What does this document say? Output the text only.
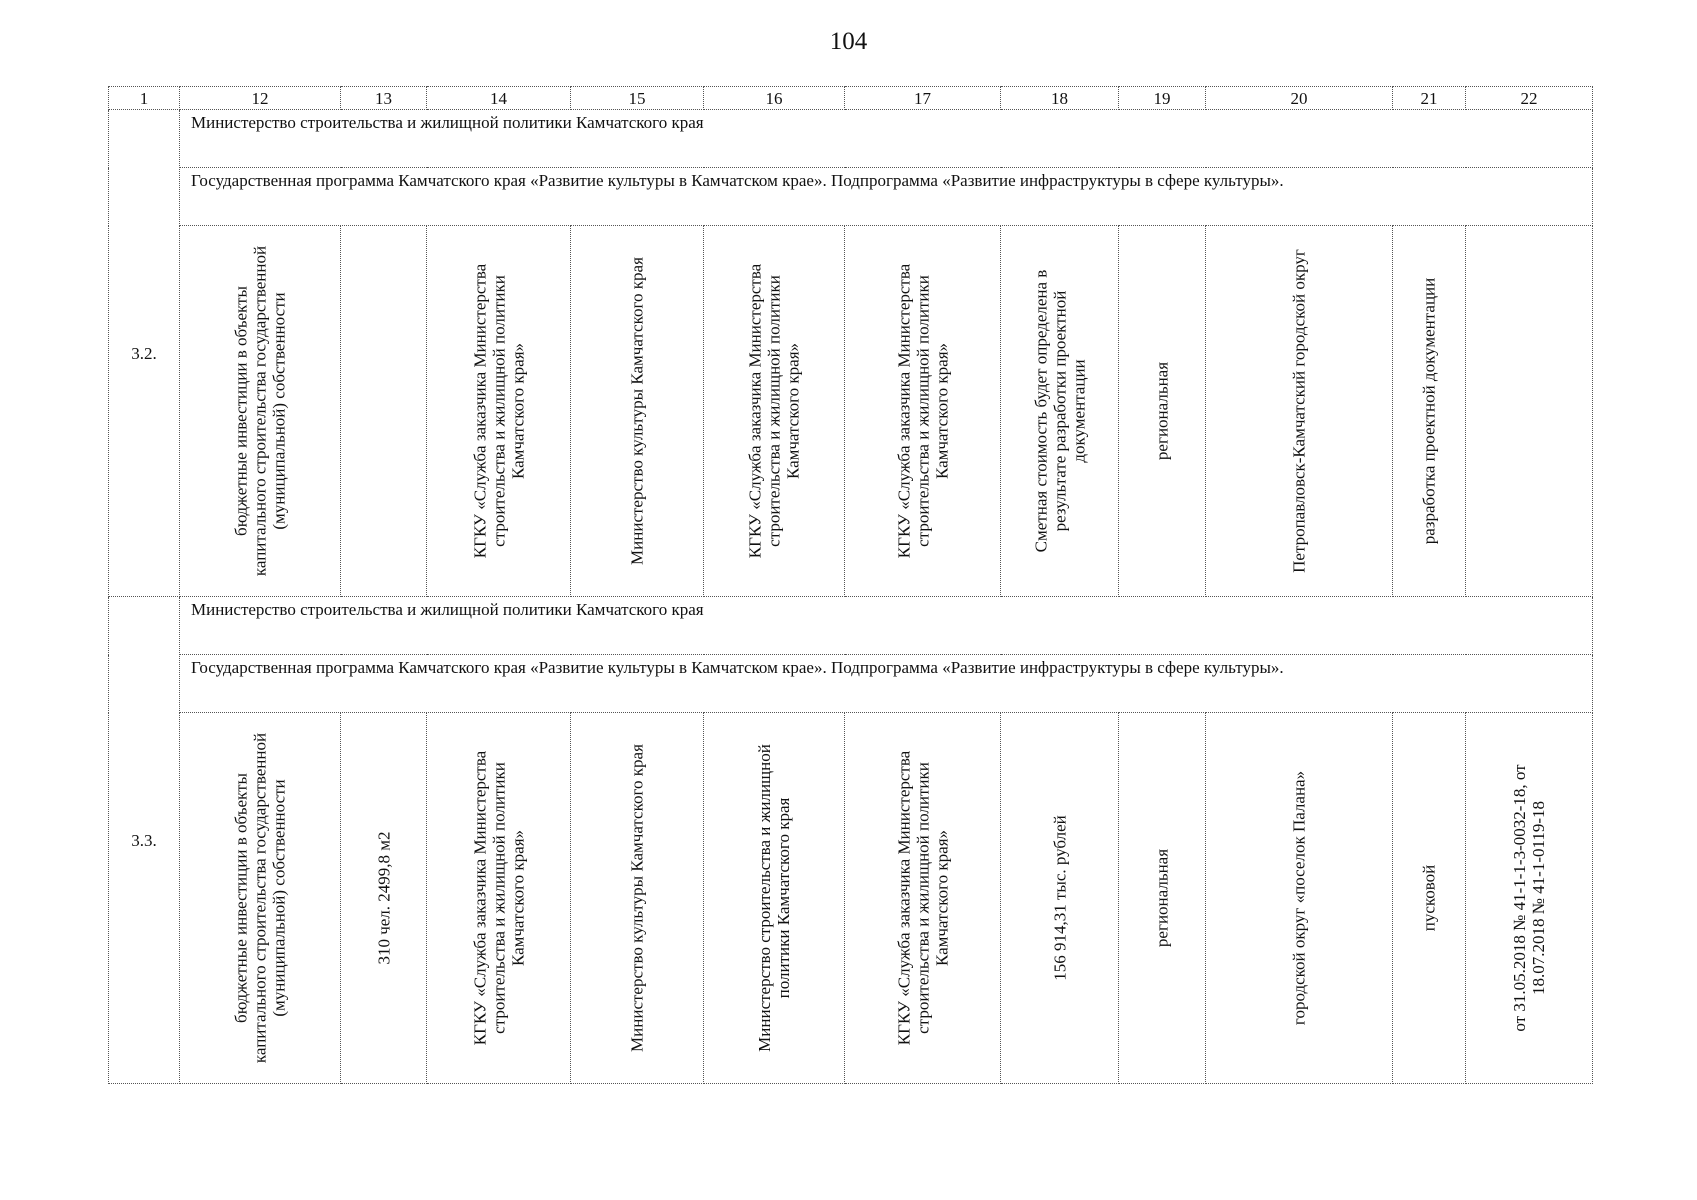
104
1	12	13	14	15	16	17	18	19	20	21	22
3.2.	Министерство строительства и жилищной политики Камчатского края										
	Государственная программа Камчатского края «Развитие культуры в Камчатском крае». Подпрограмма «Развитие инфраструктуры в сфере культуры».										

	бюджетные инвестиции в объекты капитального строительства государственной (муниципальной) собственности		КГКУ «Служба заказчика Министерства строительства и жилищной политики Камчатского края»	Министерство культуры Камчатского края	КГКУ «Служба заказчика Министерства строительства и жилищной политики Камчатского края»	КГКУ «Служба заказчика Министерства строительства и жилищной политики Камчатского края»	Сметная стоимость будет определена в результате разработки проектной документации	региональная	Петропавловск-Камчатский городской округ	разработка проектной документации	

3.3.	Министерство строительства и жилищной политики Камчатского края										
	Государственная программа Камчатского края «Развитие культуры в Камчатском крае». Подпрограмма «Развитие инфраструктуры в сфере культуры».										

	бюджетные инвестиции в объекты капитального строительства государственной (муниципальной) собственности	310 чел. 2499,8 м2	КГКУ «Служба заказчика Министерства строительства и жилищной политики Камчатского края»	Министерство культуры Камчатского края	Министерство строительства и жилищной политики Камчатского края	КГКУ «Служба заказчика Министерства строительства и жилищной политики Камчатского края»	156 914,31 тыс. рублей	региональная	городской округ «поселок Палана»	пусковой	от 31.05.2018 № 41-1-1-3-0032-18, от 18.07.2018 № 41-1-0119-18
